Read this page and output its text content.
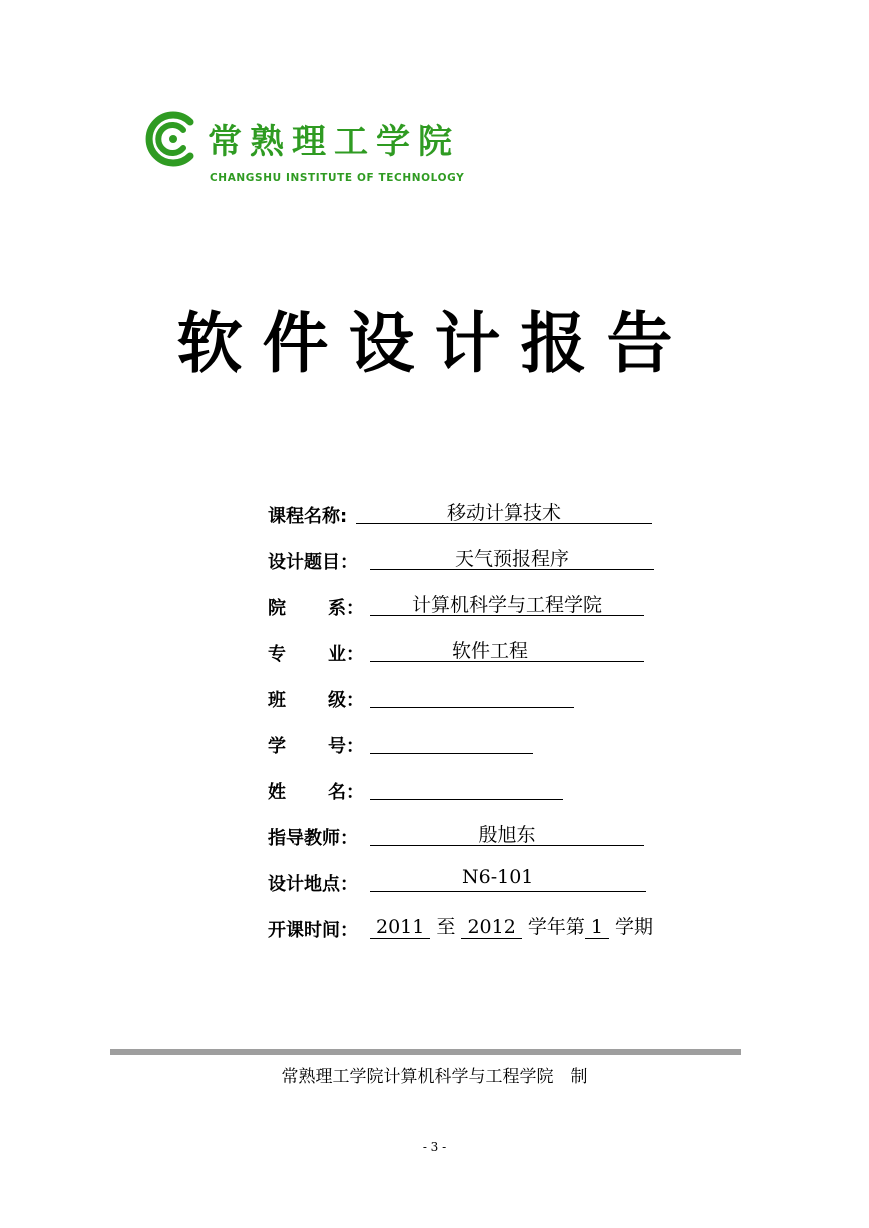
常熟理工学院
CHANGSHU INSTITUTE OF TECHNOLOGY
软件设计报告
课程名称:	移动计算技术
设计题目：	天气预报程序
院 系：	计算机科学与工程学院
专 业：	软件工程
班 级：
学 号：
姓 名：
指导教师：	殷旭东
设计地点：	N6-101
开课时间： 2011 至 2012 学年第 1 学期
常熟理工学院计算机科学与工程学院　制
- 3 -
